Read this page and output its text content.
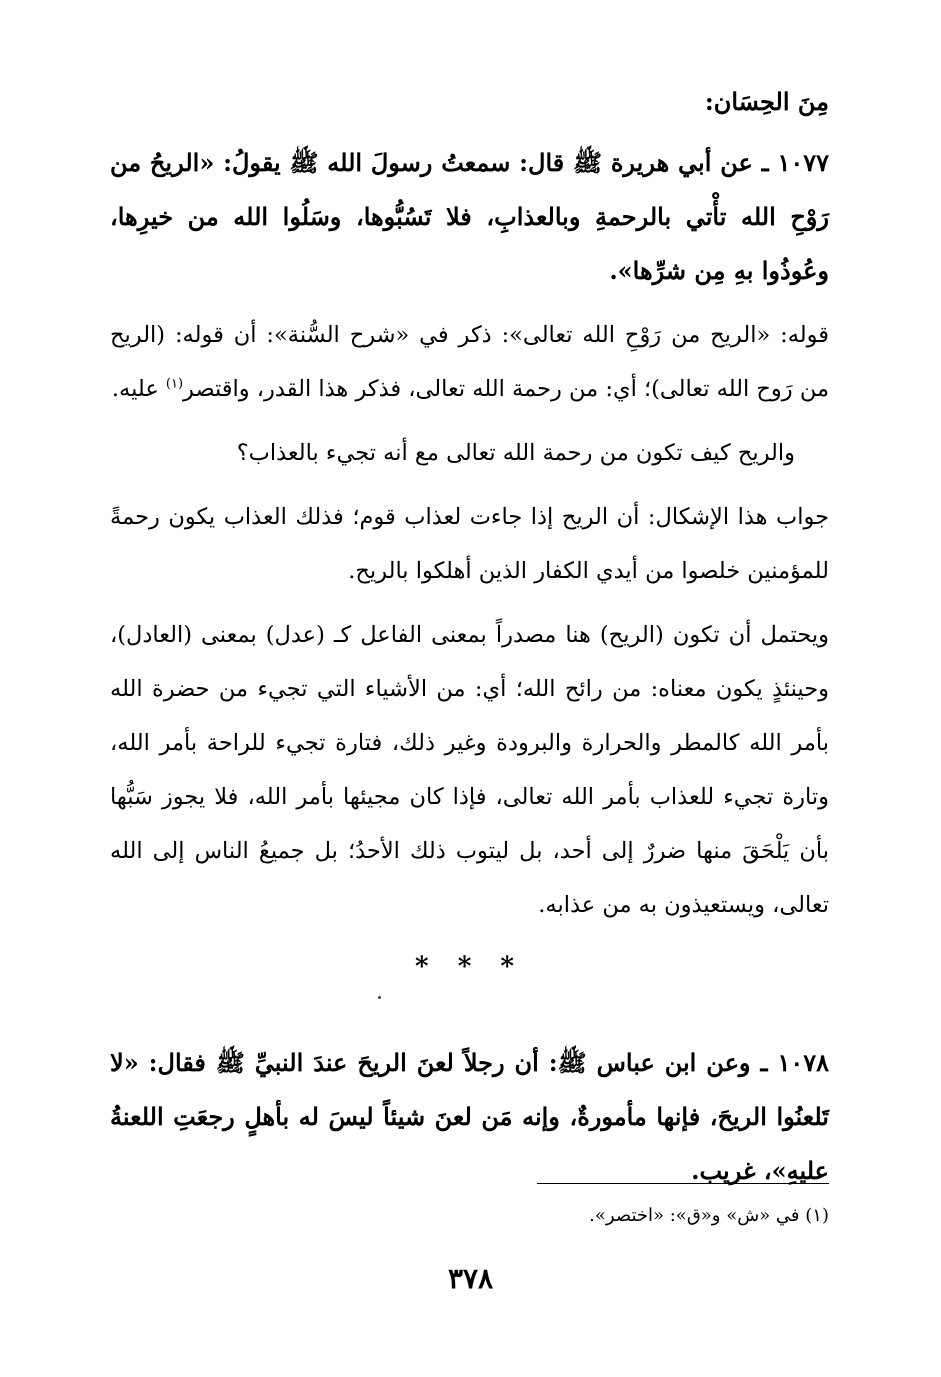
مِنَ الحِسَان:

١٠٧٧ ـ عن أبي هريرة ﷺ قال: سمعتُ رسولَ الله ﷺ يقولُ: «الريحُ من رَوْحِ الله تأْتي بالرحمةِ وبالعذابِ، فلا تَسُبُّوها، وسَلُوا الله من خيرِها، وعُوذُوا بهِ مِن شرِّها».

قوله: «الريح من رَوْحِ الله تعالى»: ذكر في «شرح السُّنة»: أن قوله: (الريح من رَوح الله تعالى)؛ أي: من رحمة الله تعالى، فذكر هذا القدر، واقتصر$^{(١)}$ عليه.

والريح كيف تكون من رحمة الله تعالى مع أنه تجيء بالعذاب؟

جواب هذا الإشكال: أن الريح إذا جاءت لعذاب قوم؛ فذلك العذاب يكون رحمةً للمؤمنين خلصوا من أيدي الكفار الذين أهلكوا بالريح.

ويحتمل أن تكون (الريح) هنا مصدراً بمعنى الفاعل كـ (عدل) بمعنى (العادل)، وحينئذٍ يكون معناه: من رائح الله؛ أي: من الأشياء التي تجيء من حضرة الله بأمر الله كالمطر والحرارة والبرودة وغير ذلك، فتارة تجيء للراحة بأمر الله، وتارة تجيء للعذاب بأمر الله تعالى، فإذا كان مجيئها بأمر الله، فلا يجوز سَبُّها بأن يَلْحَقَ منها ضررٌ إلى أحد، بل ليتوب ذلك الأحدُ؛ بل جميعُ الناس إلى الله تعالى، ويستعيذون به من عذابه.

* * *

١٠٧٨ ـ وعن ابن عباس ﷺ: أن رجلاً لعنَ الريحَ عندَ النبيِّ ﷺ فقال: «لا تَلعنُوا الريحَ، فإنها مأمورةٌ، وإنه مَن لعنَ شيئاً ليسَ له بأهلٍ رجعَتِ اللعنةُ عليهِ»، غريب.

(١) في «ش» و«ق»: «اختصر».
٣٧٨
